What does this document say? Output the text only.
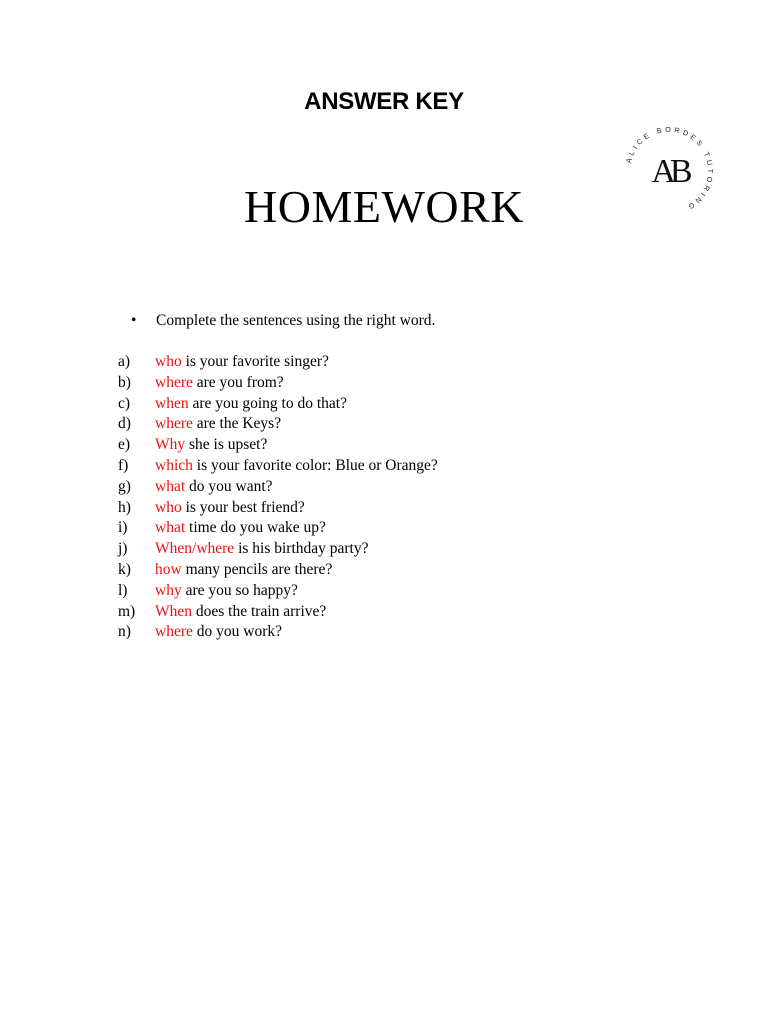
ANSWER KEY
ALICE BORDES TUTORING
AB
HOMEWORK
• Complete the sentences using the right word.
a) who is your favorite singer?
b) where are you from?
c) when are you going to do that?
d) where are the Keys?
e) Why she is upset?
f) which is your favorite color: Blue or Orange?
g) what do you want?
h) who is your best friend?
i) what time do you wake up?
j) When/where is his birthday party?
k) how many pencils are there?
l) why are you so happy?
m) When does the train arrive?
n) where do you work?
